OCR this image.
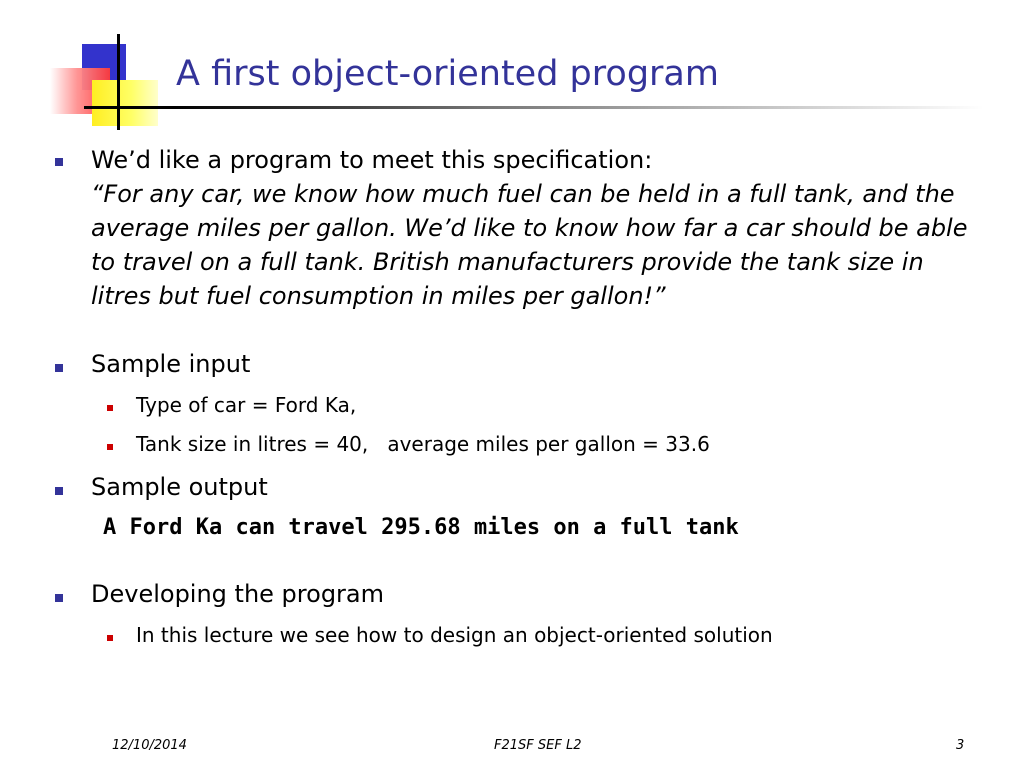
A first object-oriented program
We’d like a program to meet this specification:

“For any car, we know how much fuel can be held in a full tank, and the average miles per gallon. We’d like to know how far a car should be able to travel on a full tank. British manufacturers provide the tank size in litres but fuel consumption in miles per gallon!”

Sample input
Type of car = Ford Ka,
Tank size in litres = 40,   average miles per gallon = 33.6
Sample output
A Ford Ka can travel 295.68 miles on a full tank
Developing the program
In this lecture we see how to design an object-oriented solution
12/10/2014	F21SF SEF L2	3
